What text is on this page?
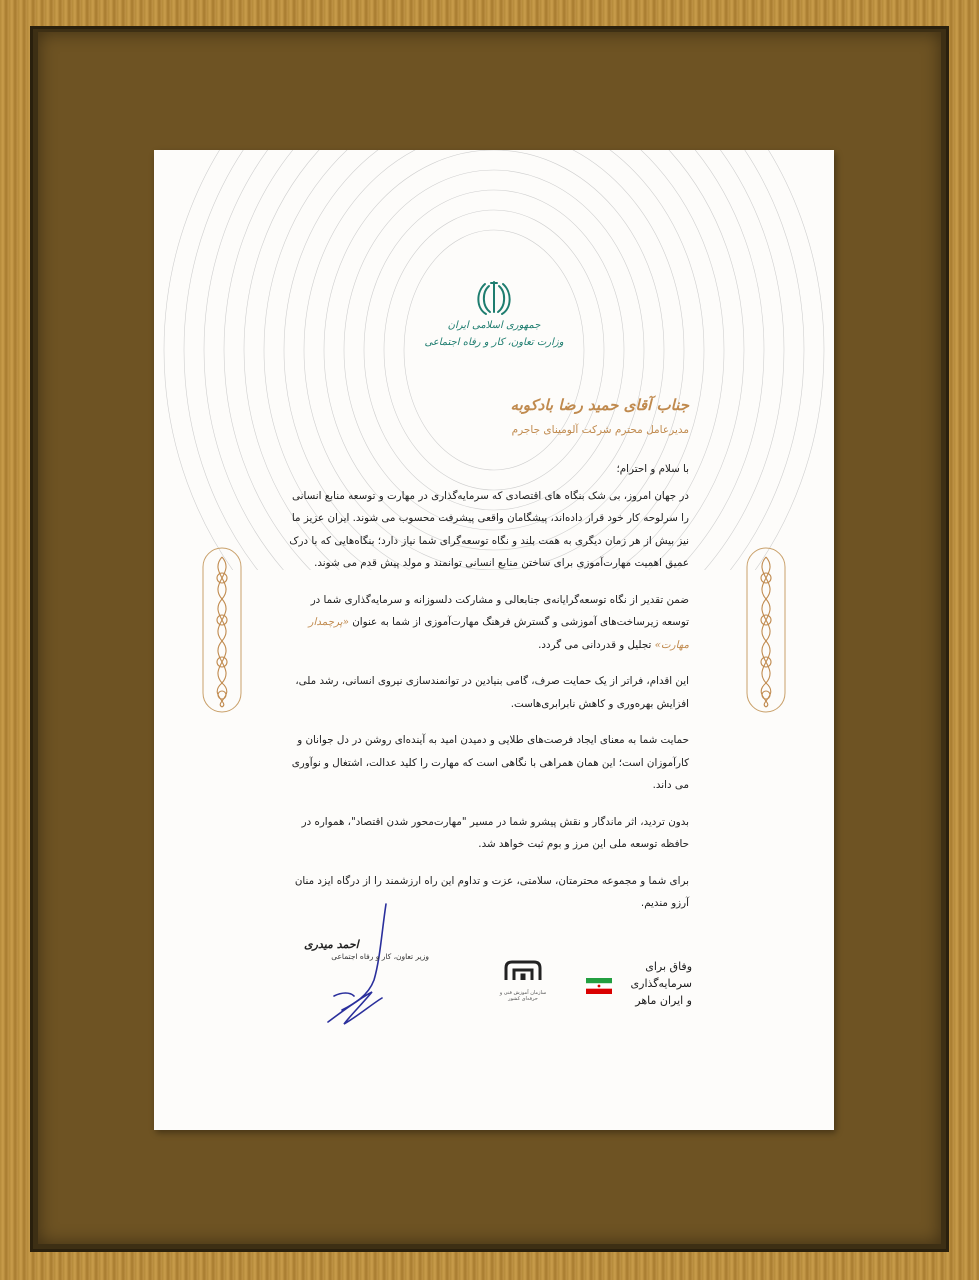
جمهوری اسلامی ایران
وزارت تعاون، کار و رفاه اجتماعی
جناب آقای حمید رضا بادکوبه
مدیرعامل محترم شرکت آلومینای جاجرم

با سلام و احترام؛

در جهان امروز، بی شک بنگاه های اقتصادی که سرمایه‌گذاری در مهارت و توسعه منابع انسانی را سرلوحه کار خود قرار داده‌اند، پیشگامان واقعی پیشرفت محسوب می شوند. ایران عزیز ما نیز بیش از هر زمان دیگری به همت بلند و نگاه توسعه‌گرای شما نیاز دارد؛ بنگاه‌هایی که با درک عمیق اهمیت مهارت‌آموزی برای ساختن منابع انسانی توانمند و مولد پیش قدم می شوند.

ضمن تقدیر از نگاه توسعه‌گرایانه‌ی جنابعالی و مشارکت دلسوزانه و سرمایه‌گذاری شما در توسعه زیرساخت‌های آموزشی و گسترش فرهنگ مهارت‌آموزی از شما به عنوان «پرچمدار مهارت» تجلیل و قدردانی می گردد.

این اقدام، فراتر از یک حمایت صرف، گامی بنیادین در توانمندسازی نیروی انسانی، رشد ملی، افزایش بهره‌وری و کاهش نابرابری‌هاست.

حمایت شما به معنای ایجاد فرصت‌های طلایی و دمیدن امید به آینده‌ای روشن در دل جوانان و کارآموزان است؛ این همان همراهی با نگاهی است که مهارت را کلید عدالت، اشتغال و نوآوری می داند.

بدون تردید، اثر ماندگار و نقش پیشرو شما در مسیر "مهارت‌محور شدن اقتصاد"، همواره در حافظه توسعه ملی این مرز و بوم ثبت خواهد شد.

برای شما و مجموعه محترمتان، سلامتی، عزت و تداوم این راه ارزشمند را از درگاه ایزد منان آرزو مندیم.

وفاق برای سرمایه‌گذاری
و ایران ماهر
سازمان آموزش فنی و حرفه‌ای کشور
احمد میدری
وزیر تعاون، کار و رفاه اجتماعی
